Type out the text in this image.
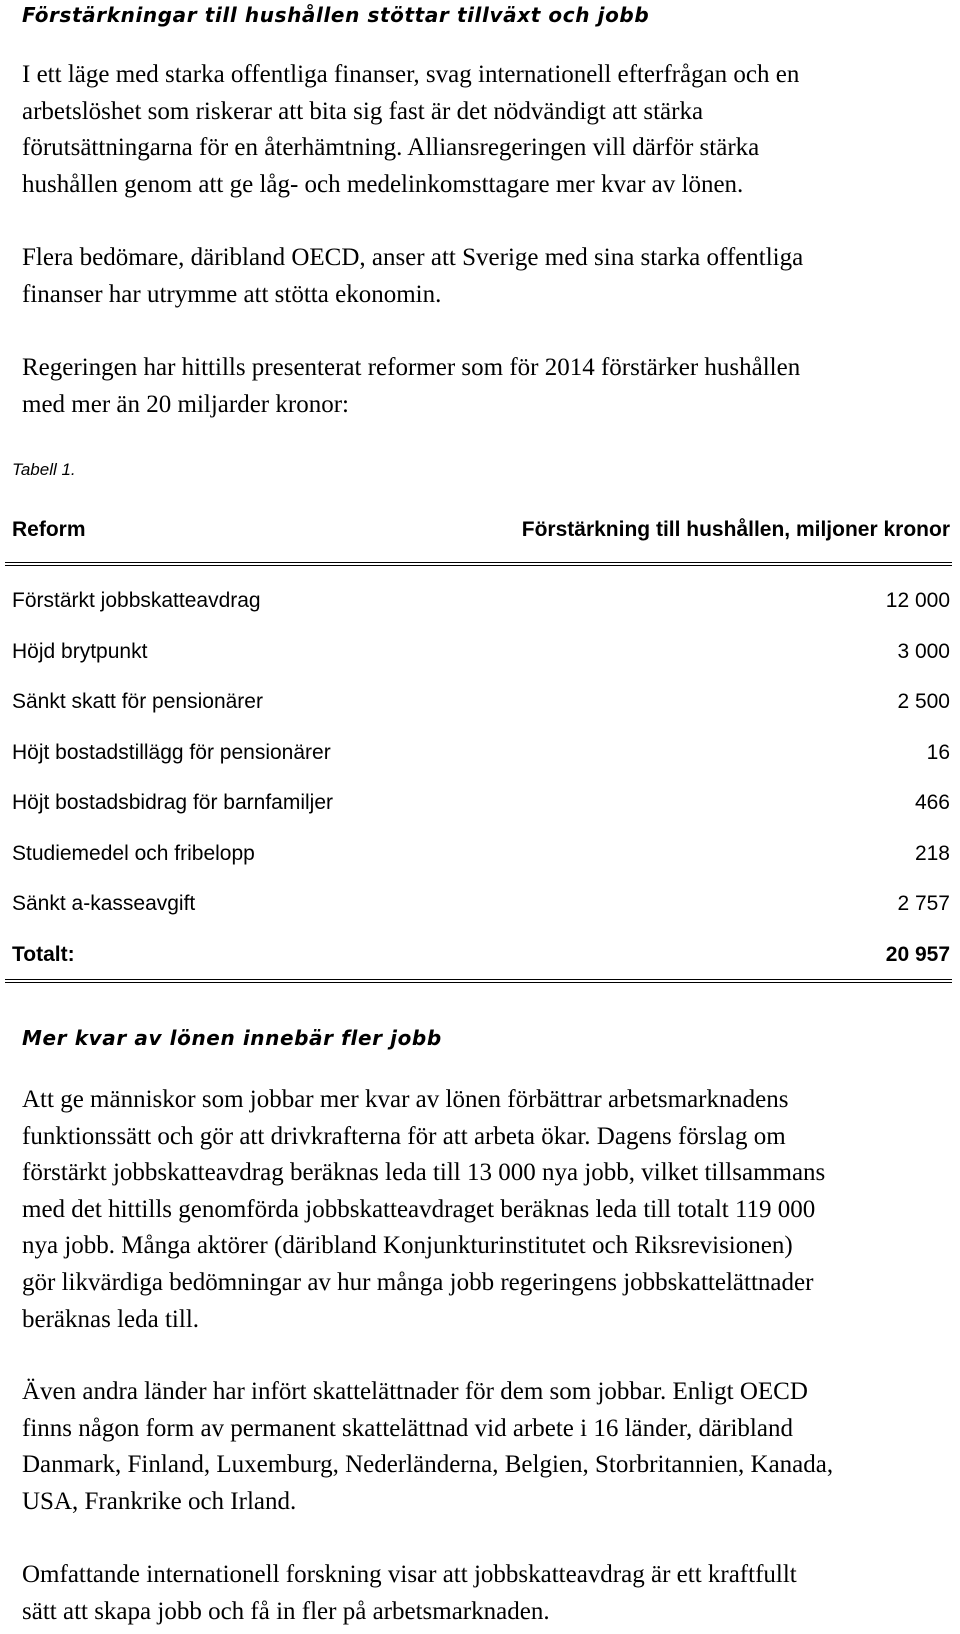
Förstärkningar till hushållen stöttar tillväxt och jobb
I ett läge med starka offentliga finanser, svag internationell efterfrågan och en
arbetslöshet som riskerar att bita sig fast är det nödvändigt att stärka
förutsättningarna för en återhämtning. Alliansregeringen vill därför stärka
hushållen genom att ge låg- och medelinkomsttagare mer kvar av lönen.
Flera bedömare, däribland OECD, anser att Sverige med sina starka offentliga
finanser har utrymme att stötta ekonomin.
Regeringen har hittills presenterat reformer som för 2014 förstärker hushållen
med mer än 20 miljarder kronor:
Tabell 1.
Reform	Förstärkning till hushållen, miljoner kronor
Förstärkt jobbskatteavdrag	12 000
Höjd brytpunkt	3 000
Sänkt skatt för pensionärer	2 500
Höjt bostadstillägg för pensionärer	16
Höjt bostadsbidrag för barnfamiljer	466
Studiemedel och fribelopp	218
Sänkt a-kasseavgift	2 757
Totalt:	20 957
Mer kvar av lönen innebär fler jobb
Att ge människor som jobbar mer kvar av lönen förbättrar arbetsmarknadens
funktionssätt och gör att drivkrafterna för att arbeta ökar. Dagens förslag om
förstärkt jobbskatteavdrag beräknas leda till 13 000 nya jobb, vilket tillsammans
med det hittills genomförda jobbskatteavdraget beräknas leda till totalt 119 000
nya jobb. Många aktörer (däribland Konjunkturinstitutet och Riksrevisionen)
gör likvärdiga bedömningar av hur många jobb regeringens jobbskattelättnader
beräknas leda till.
Även andra länder har infört skattelättnader för dem som jobbar. Enligt OECD
finns någon form av permanent skattelättnad vid arbete i 16 länder, däribland
Danmark, Finland, Luxemburg, Nederländerna, Belgien, Storbritannien, Kanada,
USA, Frankrike och Irland.
Omfattande internationell forskning visar att jobbskatteavdrag är ett kraftfullt
sätt att skapa jobb och få in fler på arbetsmarknaden.
